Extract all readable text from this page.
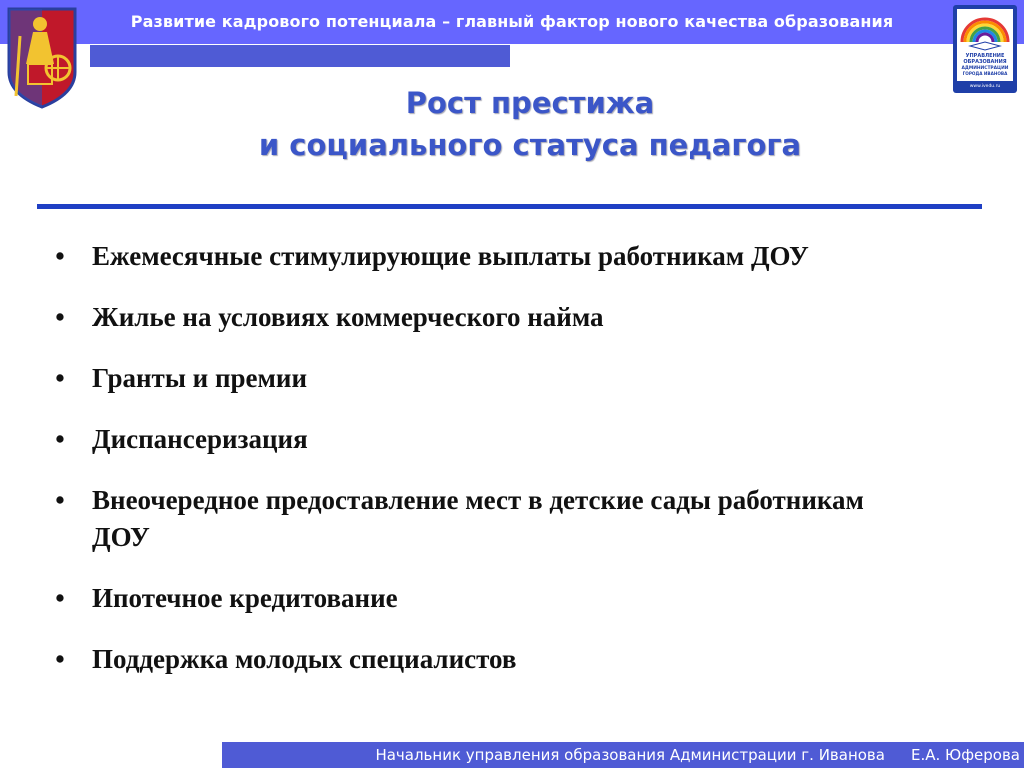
Развитие кадрового потенциала – главный фактор нового качества образования
УПРАВЛЕНИЕ
ОБРАЗОВАНИЯ
АДМИНИСТРАЦИИ
ГОРОДА ИВАНОВА
www.ivedu.ru
Рост престижа
и социального статуса педагога
• Ежемесячные стимулирующие выплаты работникам ДОУ
• Жилье на условиях коммерческого найма
• Гранты и премии
• Диспансеризация
• Внеочередное предоставление мест в детские сады работникам ДОУ
• Ипотечное кредитование
• Поддержка молодых специалистов
Начальник управления образования Администрации г. Иванова Е.А. Юферова
